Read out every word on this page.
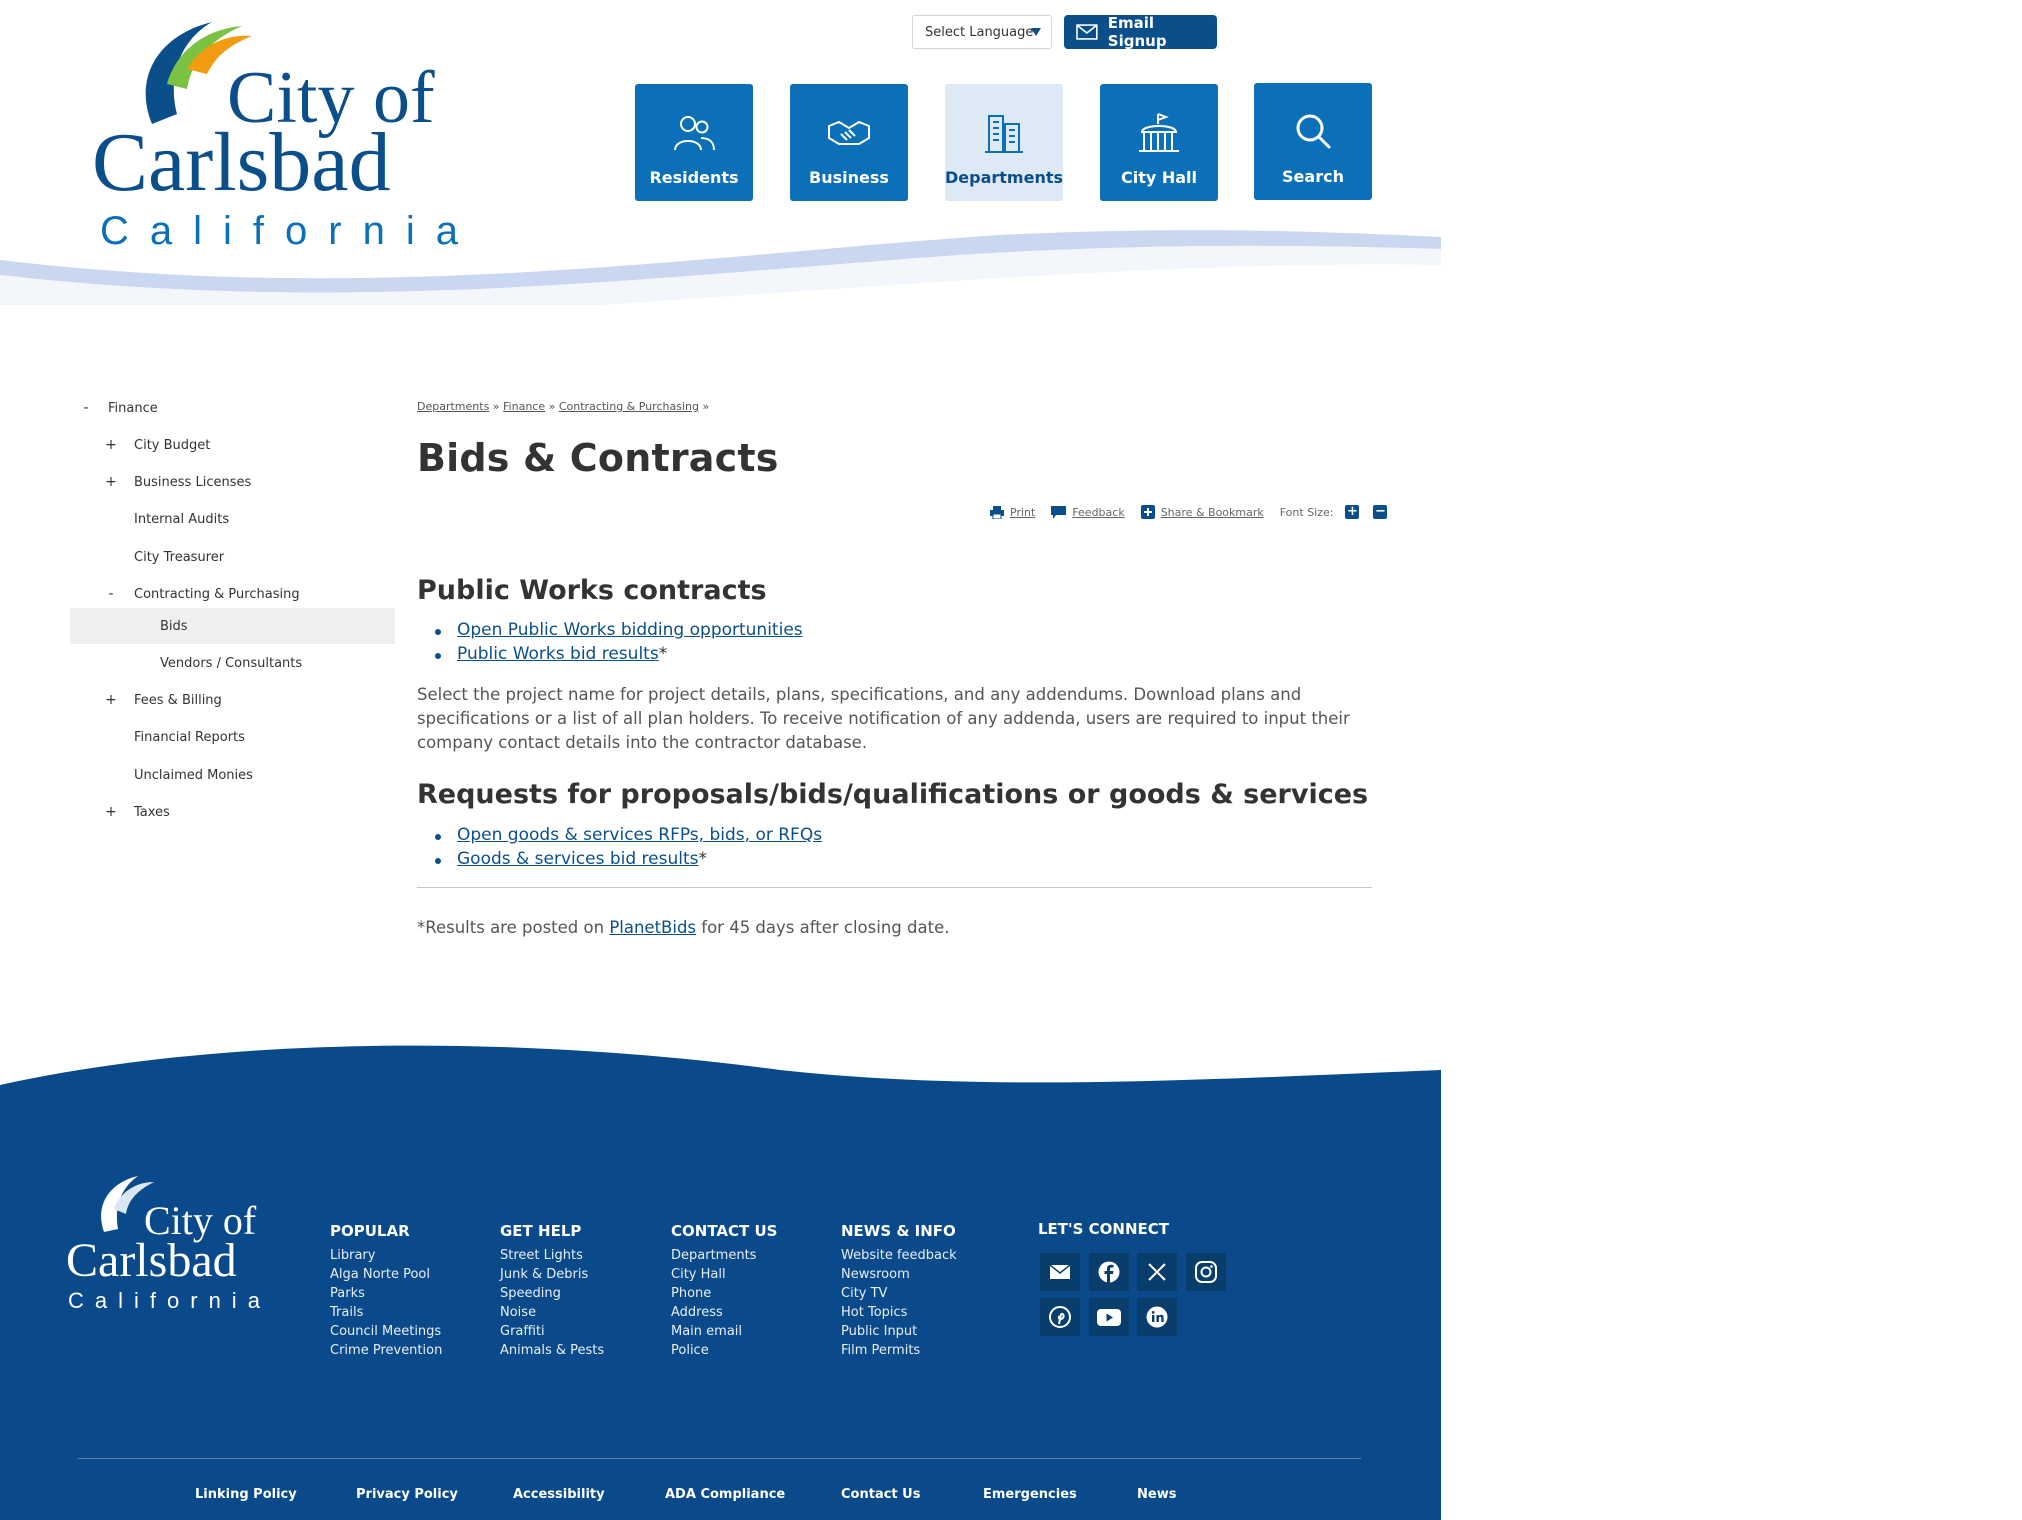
City of
Carlsbad
California
Select Language	Email Signup
Residents	Business	Departments	City Hall	Search
- Finance
+ City Budget
+ Business Licenses
Internal Audits
City Treasurer
- Contracting & Purchasing
Bids
Vendors / Consultants
+ Fees & Billing
Financial Reports
Unclaimed Monies
+ Taxes
Departments » Finance » Contracting & Purchasing »
Bids & Contracts
Print	Feedback	Share & Bookmark Font Size: + −
Public Works contracts
Open Public Works bidding opportunities
Public Works bid results*

Select the project name for project details, plans, specifications, and any addendums. Download plans and specifications or a list of all plan holders. To receive notification of any addenda, users are required to input their company contact details into the contractor database.

Requests for proposals/bids/qualifications or goods & services
Open goods & services RFPs, bids, or RFQs
Goods & services bid results*

*Results are posted on PlanetBids for 45 days after closing date.

City of
Carlsbad
California
POPULAR
Library
Alga Norte Pool
Parks
Trails
Council Meetings
Crime Prevention
GET HELP
Street Lights
Junk & Debris
Speeding
Noise
Graffiti
Animals & Pests
CONTACT US
Departments
City Hall
Phone
Address
Main email
Police
NEWS & INFO
Website feedback
Newsroom
City TV
Hot Topics
Public Input
Film Permits
LET'S CONNECT
Linking Policy	Privacy Policy	Accessibility	ADA Compliance	Contact Us	Emergencies	News
